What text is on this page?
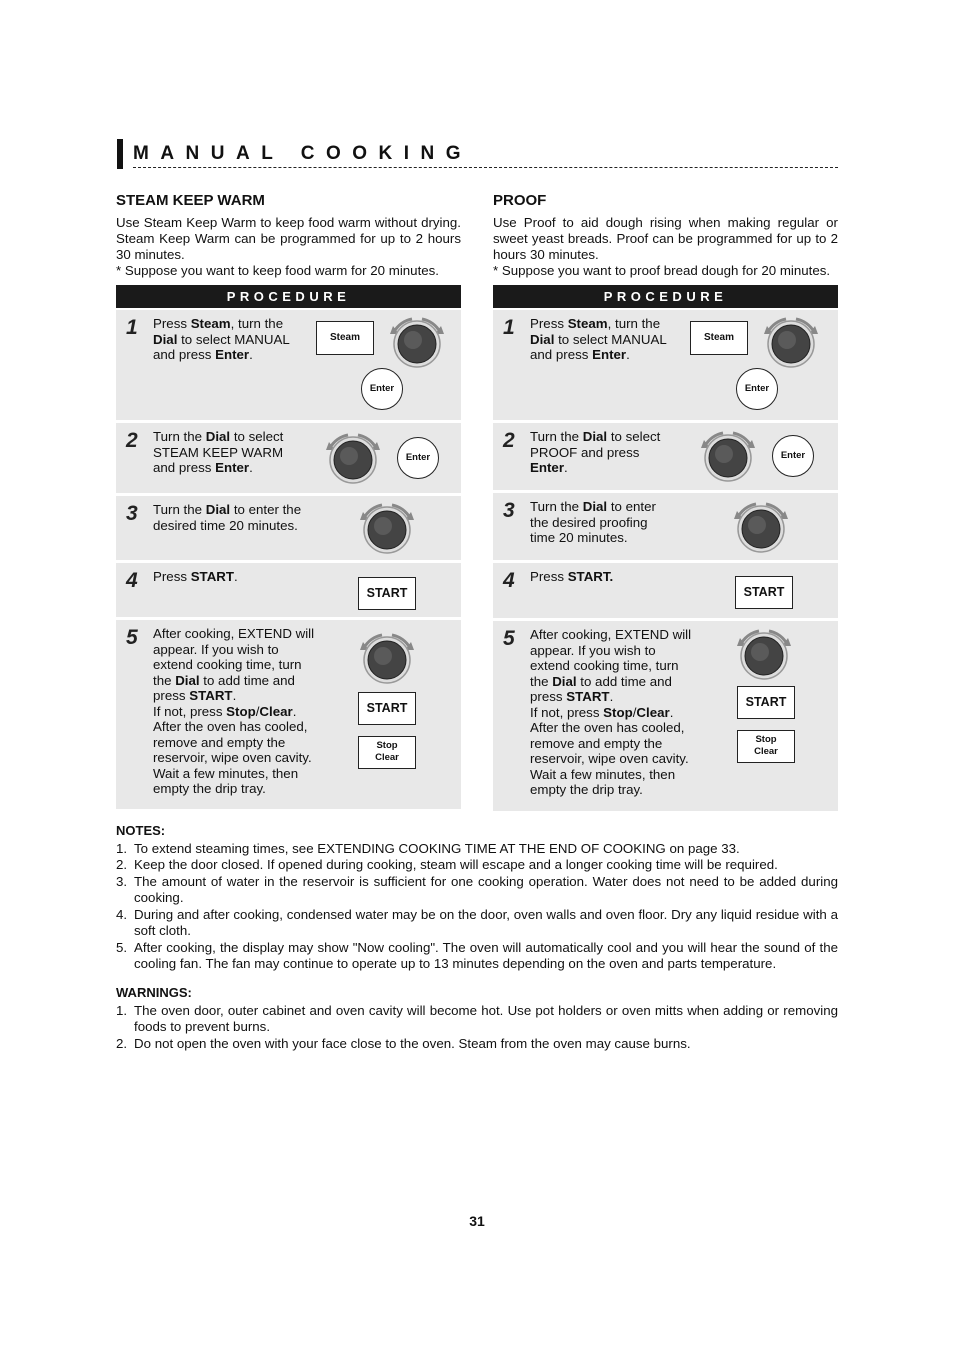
MANUAL COOKING
STEAM KEEP WARM

Use Steam Keep Warm to keep food warm without drying. Steam Keep Warm can be programmed for up to 2 hours 30 minutes.

* Suppose you want to keep food warm for 20 minutes.

PROCEDURE
1 Press Steam, turn the
Dial to select MANUAL
and press Enter.
Steam
Enter
2 Turn the Dial to select
STEAM KEEP WARM
and press Enter.
Enter
3 Turn the Dial to enter the
desired time 20 minutes.
4 Press START.
START
5 After cooking, EXTEND will
appear. If you wish to
extend cooking time, turn
the Dial to add time and
press START.
If not, press Stop/Clear.
After the oven has cooled,
remove and empty the
reservoir, wipe oven cavity.
Wait a few minutes, then
empty the drip tray.
START
Stop
Clear
PROOF

Use Proof to aid dough rising when making regular or sweet yeast breads. Proof can be programmed for up to 2 hours 30 minutes.

* Suppose you want to proof bread dough for 20 minutes.

PROCEDURE
1 Press Steam, turn the
Dial to select MANUAL
and press Enter.
Steam
Enter
2 Turn the Dial to select
PROOF and press
Enter.
Enter
3 Turn the Dial to enter
the desired proofing
time 20 minutes.
4 Press START.
START
5 After cooking, EXTEND will
appear. If you wish to
extend cooking time, turn
the Dial to add time and
press START.
If not, press Stop/Clear.
After the oven has cooled,
remove and empty the
reservoir, wipe oven cavity.
Wait a few minutes, then
empty the drip tray.
START
Stop
Clear
NOTES:
1. To extend steaming times, see EXTENDING COOKING TIME AT THE END OF COOKING on page 33.
2. Keep the door closed. If opened during cooking, steam will escape and a longer cooking time will be required.
3. The amount of water in the reservoir is sufficient for one cooking operation. Water does not need to be added during cooking.
4. During and after cooking, condensed water may be on the door, oven walls and oven floor. Dry any liquid residue with a soft cloth.
5. After cooking, the display may show "Now cooling". The oven will automatically cool and you will hear the sound of the cooling fan. The fan may continue to operate up to 13 minutes depending on the oven and parts temperature.
WARNINGS:
1. The oven door, outer cabinet and oven cavity will become hot. Use pot holders or oven mitts when adding or removing foods to prevent burns.
2. Do not open the oven with your face close to the oven. Steam from the oven may cause burns.
31
